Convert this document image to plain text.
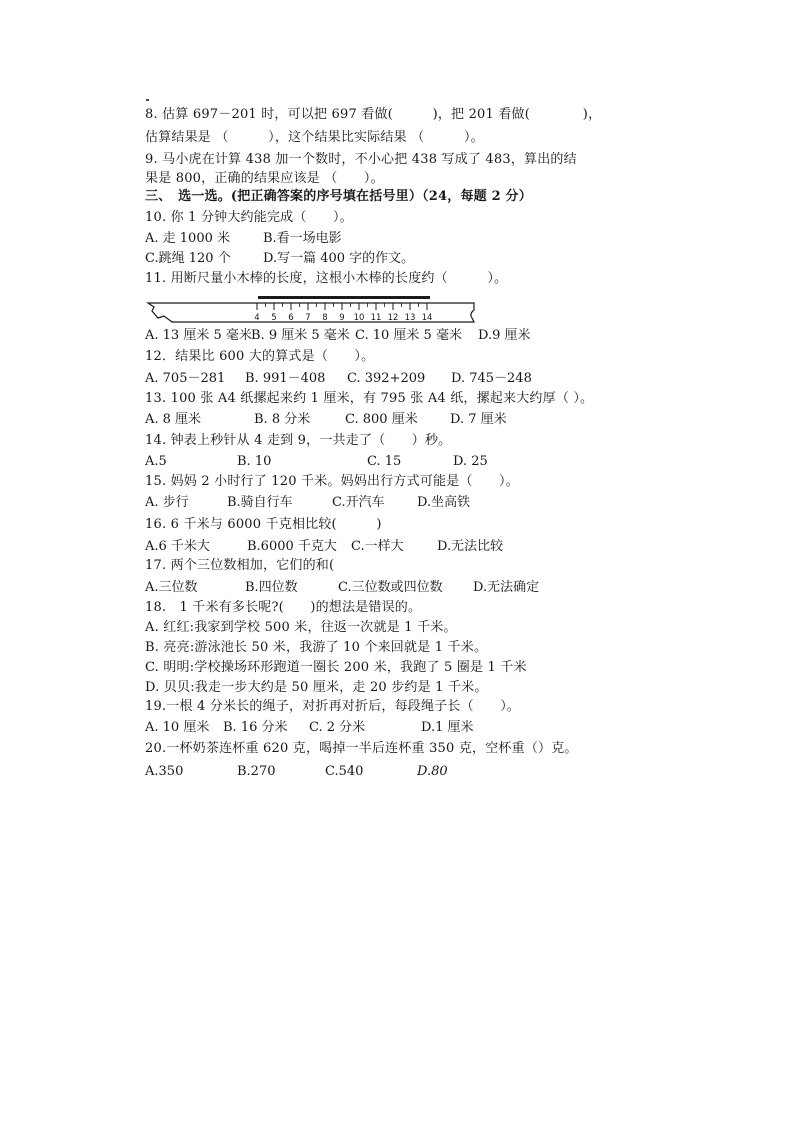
8. 估算 697－201 时，可以把 697 看做(　　　)，把 201 看做(　　　　)，
估算结果是 （　　　），这个结果比实际结果 （　　　）。
9. 马小虎在计算 438 加一个数时，不小心把 438 写成了 483，算出的结
果是 800，正确的结果应该是 （　　）。
三、　选一选。(把正确答案的序号填在括号里）（24，每题 2 分）
10. 你 1 分钟大约能完成（　　）。
A. 走 1000 米	B.看一场电影
C.跳绳 120 个 D.写一篇 400 字的作文。
11. 用断尺量小木棒的长度，这根小木棒的长度约（　　　）。
4 5 6 7 8 9 10 11 12 13 14
A. 13 厘米 5 毫米 B. 9 厘米 5 毫米 C. 10 厘米 5 毫米 D.9 厘米
12．结果比 600 大的算式是（　　）。
A. 705－281 B. 991－408 C. 392+209 D. 745－248
13. 100 张 A4 纸摞起来约 1 厘米，有 795 张 A4 纸，摞起来大约厚（ ）。
A. 8 厘米	B. 8 分米	C. 800 厘米 D. 7 厘米
14. 钟表上秒针从 4 走到 9，一共走了（　　）秒。
A.5	B. 10	C. 15	D. 25
15. 妈妈 2 小时行了 120 千米。妈妈出行方式可能是（　　）。
A. 步行	B.骑自行车	C.开汽车 D.坐高铁
16. 6 千米与 6000 千克相比较(　　　)
A.6 千米大	B.6000 千克大 C.一样大	D.无法比较
17. 两个三位数相加，它们的和(
A.三位数	B.四位数	C.三位数或四位数 D.无法确定
18.　1 千米有多长呢?(　　)的想法是错误的。
A. 红红:我家到学校 500 米，往返一次就是 1 千米。
B. 亮亮:游泳池长 50 米，我游了 10 个来回就是 1 千米。
C. 明明:学校操场环形跑道一圈长 200 米，我跑了 5 圈是 1 千米
D. 贝贝:我走一步大约是 50 厘米，走 20 步约是 1 千米。
19.一根 4 分米长的绳子，对折再对折后，每段绳子长（　　）。
A. 10 厘米 B. 16 分米 C. 2 分米	D.1 厘米
20.一杯奶茶连杯重 620 克，喝掉一半后连杯重 350 克，空杯重（）克。
A.350	B.270	C.540	D.80
